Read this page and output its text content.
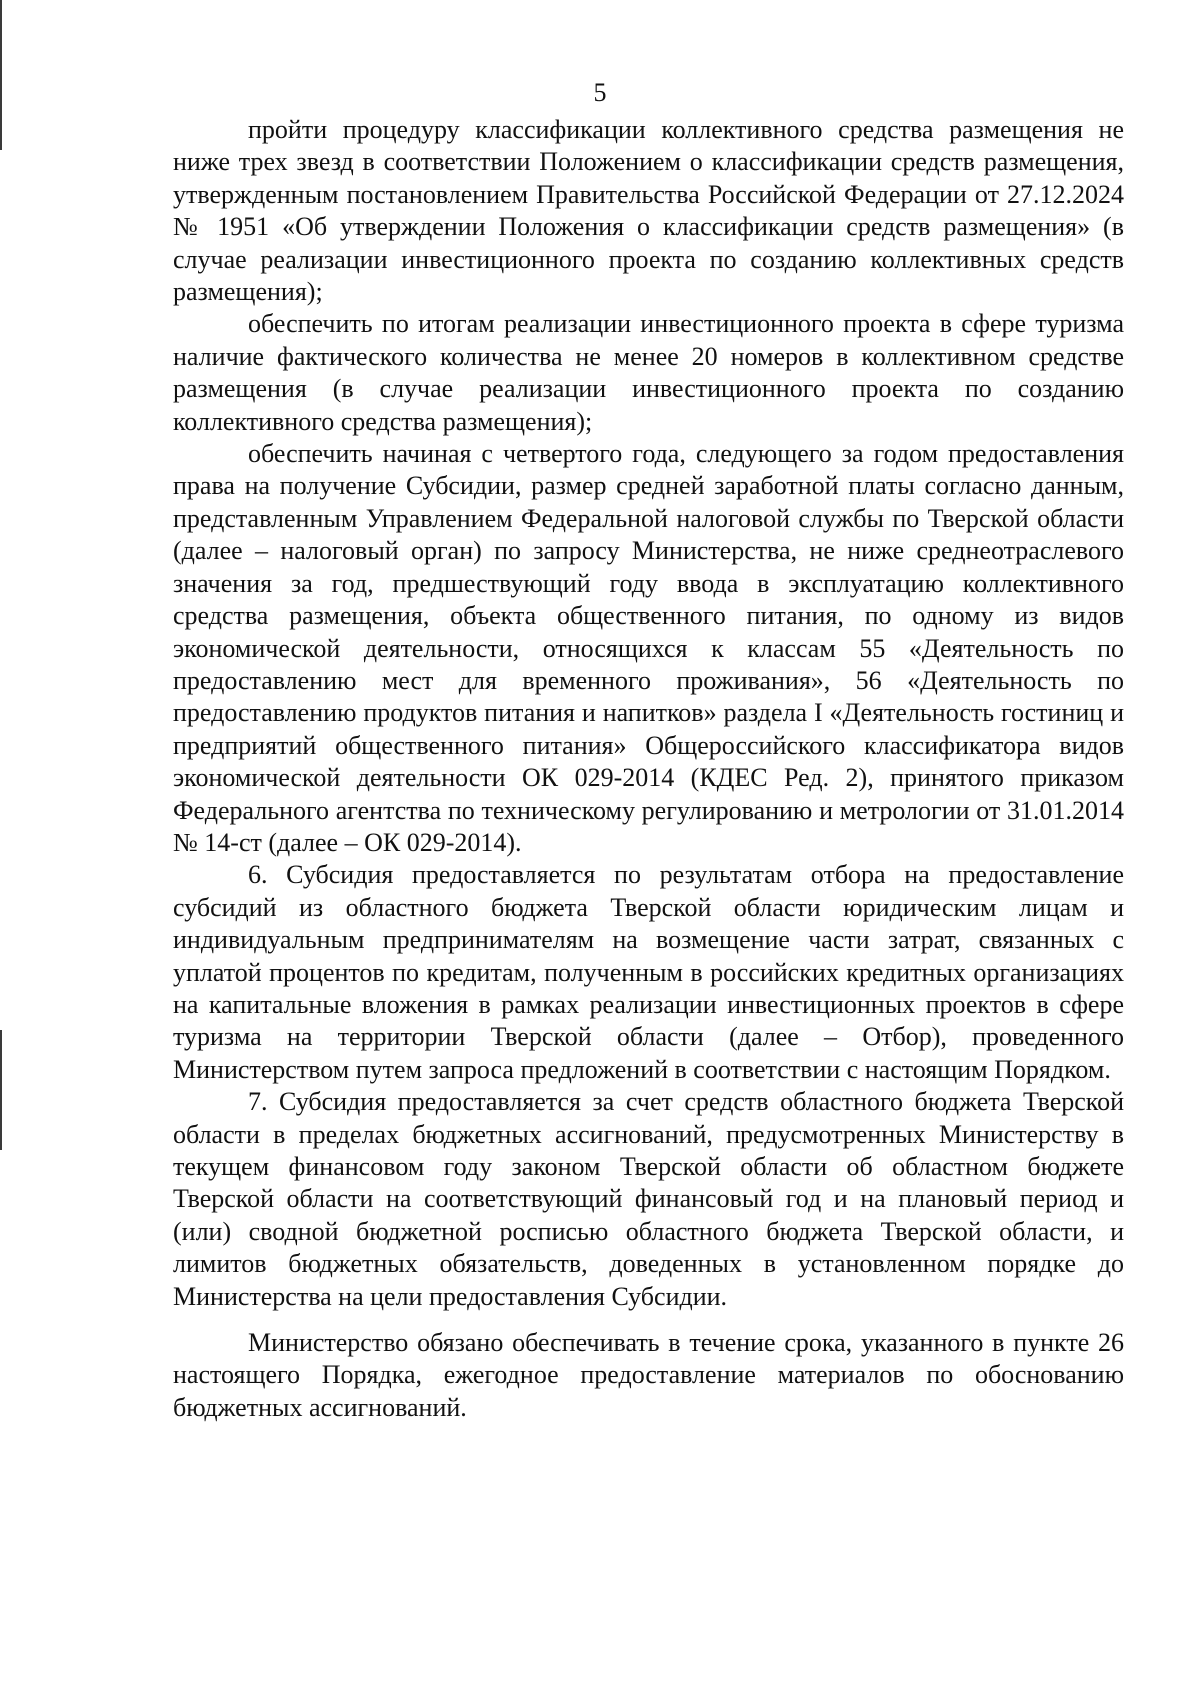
5

пройти процедуру классификации коллективного средства размещения не ниже трех звезд в соответствии Положением о классификации средств размещения, утвержденным постановлением Правительства Российской Федерации от 27.12.2024 № 1951 «Об утверждении Положения о классификации средств размещения» (в случае реализации инвестиционного проекта по созданию коллективных средств размещения);

обеспечить по итогам реализации инвестиционного проекта в сфере туризма наличие фактического количества не менее 20 номеров в коллективном средстве размещения (в случае реализации инвестиционного проекта по созданию коллективного средства размещения);

обеспечить начиная с четвертого года, следующего за годом предоставления права на получение Субсидии, размер средней заработной платы согласно данным, представленным Управлением Федеральной налоговой службы по Тверской области (далее – налоговый орган) по запросу Министерства, не ниже среднеотраслевого значения за год, предшествующий году ввода в эксплуатацию коллективного средства размещения, объекта общественного питания, по одному из видов экономической деятельности, относящихся к классам 55 «Деятельность по предоставлению мест для временного проживания», 56 «Деятельность по предоставлению продуктов питания и напитков» раздела I «Деятельность гостиниц и предприятий общественного питания» Общероссийского классификатора видов экономической деятельности ОК 029-2014 (КДЕС Ред. 2), принятого приказом Федерального агентства по техническому регулированию и метрологии от 31.01.2014 № 14-ст (далее – ОК 029-2014).

6. Субсидия предоставляется по результатам отбора на предоставление субсидий из областного бюджета Тверской области юридическим лицам и индивидуальным предпринимателям на возмещение части затрат, связанных с уплатой процентов по кредитам, полученным в российских кредитных организациях на капитальные вложения в рамках реализации инвестиционных проектов в сфере туризма на территории Тверской области (далее – Отбор), проведенного Министерством путем запроса предложений в соответствии с настоящим Порядком.

7. Субсидия предоставляется за счет средств областного бюджета Тверской области в пределах бюджетных ассигнований, предусмотренных Министерству в текущем финансовом году законом Тверской области об областном бюджете Тверской области на соответствующий финансовый год и на плановый период и (или) сводной бюджетной росписью областного бюджета Тверской области, и лимитов бюджетных обязательств, доведенных в установленном порядке до Министерства на цели предоставления Субсидии.

Министерство обязано обеспечивать в течение срока, указанного в пункте 26 настоящего Порядка, ежегодное предоставление материалов по обоснованию бюджетных ассигнований.
